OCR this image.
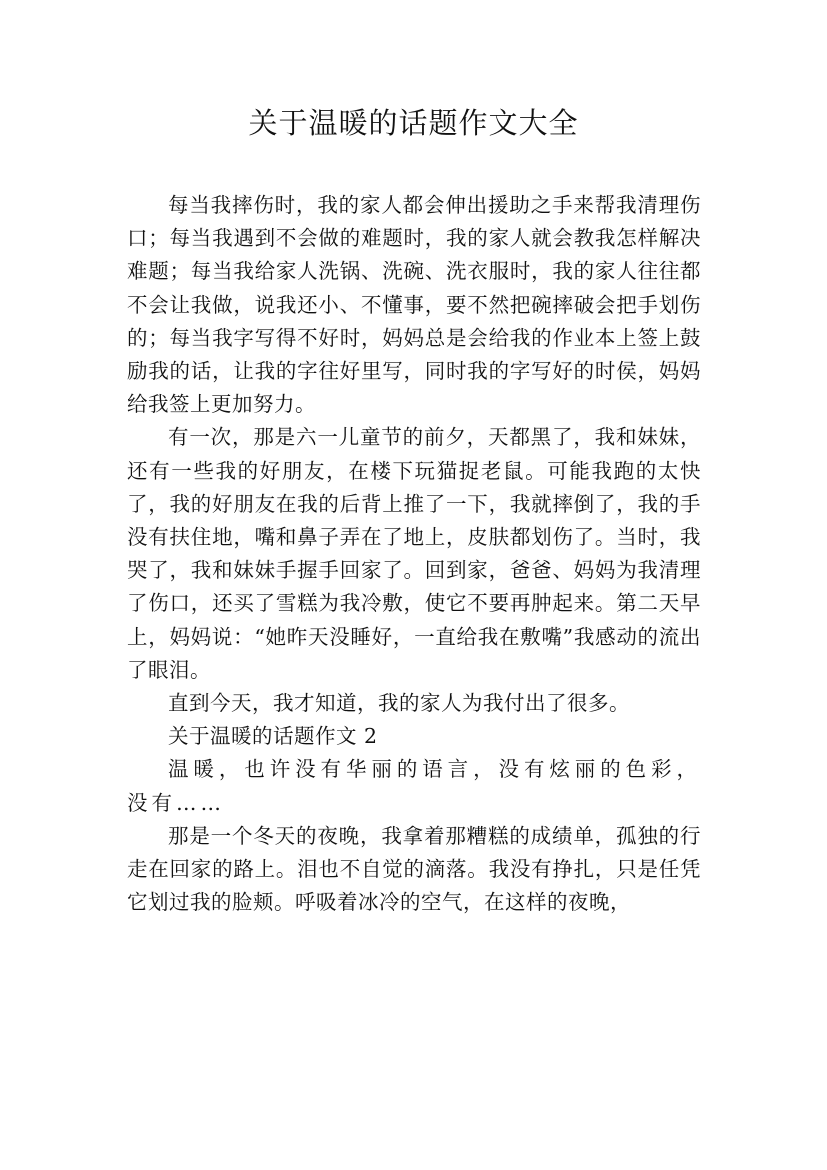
关于温暖的话题作文大全

每当我摔伤时，我的家人都会伸出援助之手来帮我清理伤口；每当我遇到不会做的难题时，我的家人就会教我怎样解决难题；每当我给家人洗锅、洗碗、洗衣服时，我的家人往往都不会让我做，说我还小、不懂事，要不然把碗摔破会把手划伤的；每当我字写得不好时，妈妈总是会给我的作业本上签上鼓励我的话，让我的字往好里写，同时我的字写好的时侯，妈妈给我签上更加努力。

有一次，那是六一儿童节的前夕，天都黑了，我和妹妹，还有一些我的好朋友，在楼下玩猫捉老鼠。可能我跑的太快了，我的好朋友在我的后背上推了一下，我就摔倒了，我的手没有扶住地，嘴和鼻子弄在了地上，皮肤都划伤了。当时，我哭了，我和妹妹手握手回家了。回到家，爸爸、妈妈为我清理了伤口，还买了雪糕为我冷敷，使它不要再肿起来。第二天早上，妈妈说：“她昨天没睡好，一直给我在敷嘴”我感动的流出了眼泪。

直到今天，我才知道，我的家人为我付出了很多。

关于温暖的话题作文 2

温暖，也许没有华丽的语言，没有炫丽的色彩，没有……

那是一个冬天的夜晚，我拿着那糟糕的成绩单，孤独的行走在回家的路上。泪也不自觉的滴落。我没有挣扎，只是任凭它划过我的脸颊。呼吸着冰冷的空气，在这样的夜晚，
